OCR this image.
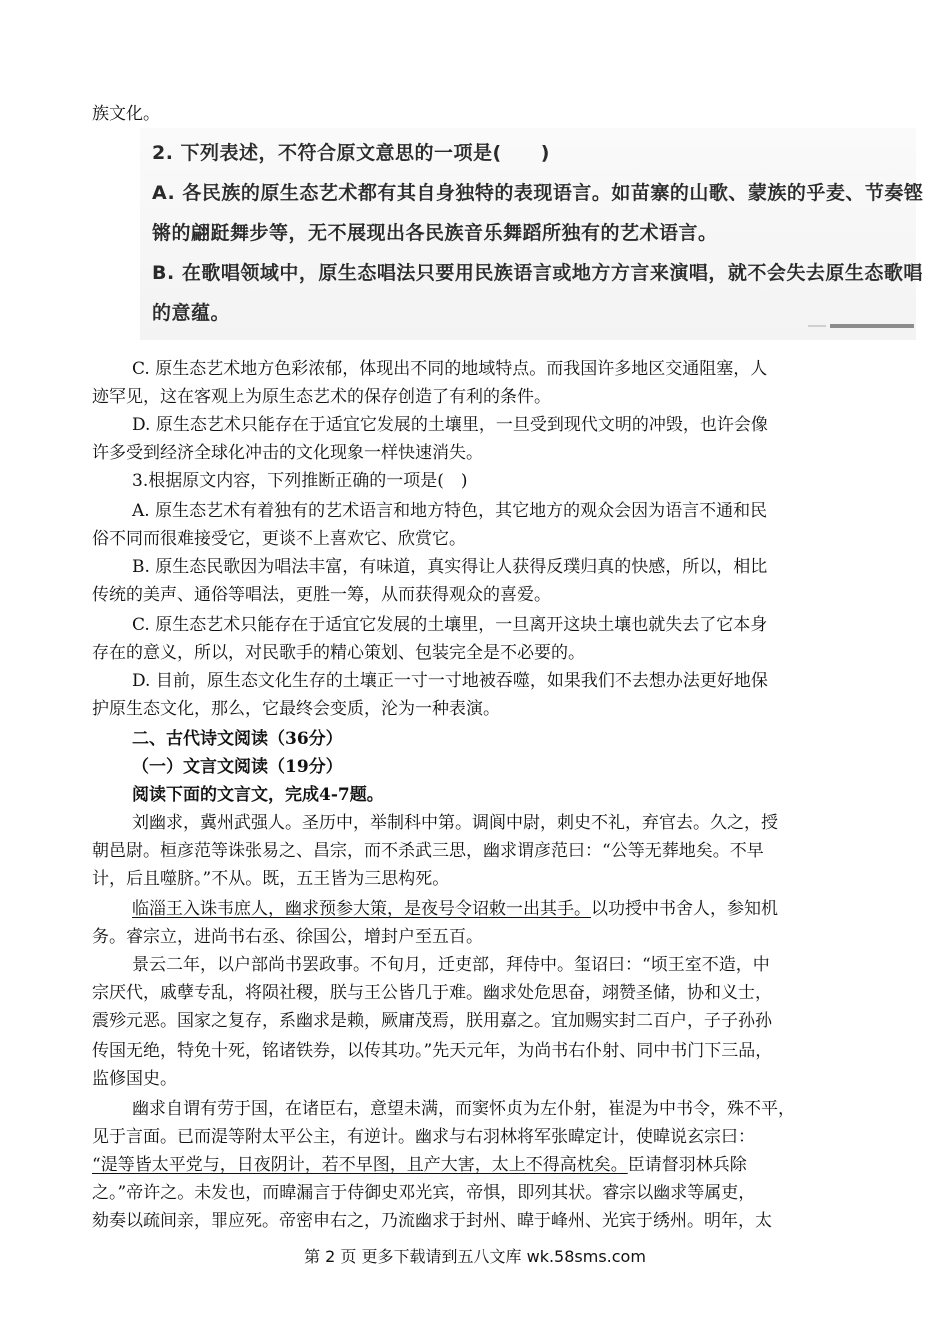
族文化。
2. 下列表述，不符合原文意思的一项是(　　)
A. 各民族的原生态艺术都有其自身独特的表现语言。如苗寨的山歌、蒙族的乎麦、节奏铿
锵的翩跹舞步等，无不展现出各民族音乐舞蹈所独有的艺术语言。
B. 在歌唱领域中，原生态唱法只要用民族语言或地方方言来演唱，就不会失去原生态歌唱
的意蕴。
C. 原生态艺术地方色彩浓郁，体现出不同的地域特点。而我国许多地区交通阻塞，人
迹罕见，这在客观上为原生态艺术的保存创造了有利的条件。
D. 原生态艺术只能存在于适宜它发展的土壤里，一旦受到现代文明的冲毁，也许会像
许多受到经济全球化冲击的文化现象一样快速消失。
3.根据原文内容，下列推断正确的一项是(　)
A. 原生态艺术有着独有的艺术语言和地方特色，其它地方的观众会因为语言不通和民
俗不同而很难接受它，更谈不上喜欢它、欣赏它。
B. 原生态民歌因为唱法丰富，有味道，真实得让人获得反璞归真的快感，所以，相比
传统的美声、通俗等唱法，更胜一筹，从而获得观众的喜爱。
C. 原生态艺术只能存在于适宜它发展的土壤里，一旦离开这块土壤也就失去了它本身
存在的意义，所以，对民歌手的精心策划、包装完全是不必要的。
D. 目前，原生态文化生存的土壤正一寸一寸地被吞噬，如果我们不去想办法更好地保
护原生态文化，那么，它最终会变质，沦为一种表演。
二、古代诗文阅读（36分）
（一）文言文阅读（19分）
阅读下面的文言文，完成4-7题。
刘幽求，冀州武强人。圣历中，举制科中第。调阆中尉，刺史不礼，弃官去。久之，授
朝邑尉。桓彦范等诛张易之、昌宗，而不杀武三思，幽求谓彦范曰：“公等无葬地矣。不早
计，后且噬脐。”不从。既，五王皆为三思构死。
临淄王入诛韦庶人，幽求预参大策，是夜号令诏敕一出其手。以功授中书舍人，参知机
务。睿宗立，进尚书右丞、徐国公，增封户至五百。
景云二年，以户部尚书罢政事。不旬月，迁吏部，拜侍中。玺诏曰：“顷王室不造，中
宗厌代，戚孽专乱，将陨社稷，朕与王公皆几于难。幽求处危思奋，翊赞圣储，协和义士，
震殄元恶。国家之复存，系幽求是赖，厥庸茂焉，朕用嘉之。宜加赐实封二百户，子子孙孙
传国无绝，特免十死，铭诸铁券，以传其功。”先天元年，为尚书右仆射、同中书门下三品，
监修国史。
幽求自谓有劳于国，在诸臣右，意望未满，而窦怀贞为左仆射，崔湜为中书令，殊不平，
见于言面。已而湜等附太平公主，有逆计。幽求与右羽林将军张暐定计，使暐说玄宗曰：
“湜等皆太平党与，日夜阴计，若不早图，且产大害，太上不得高枕矣。臣请督羽林兵除
之。”帝许之。未发也，而暐漏言于侍御史邓光宾，帝惧，即列其状。睿宗以幽求等属吏，
劾奏以疏间亲，罪应死。帝密申右之，乃流幽求于封州、暐于峰州、光宾于绣州。明年，太
第 2 页 更多下载请到五八文库 wk.58sms.com
